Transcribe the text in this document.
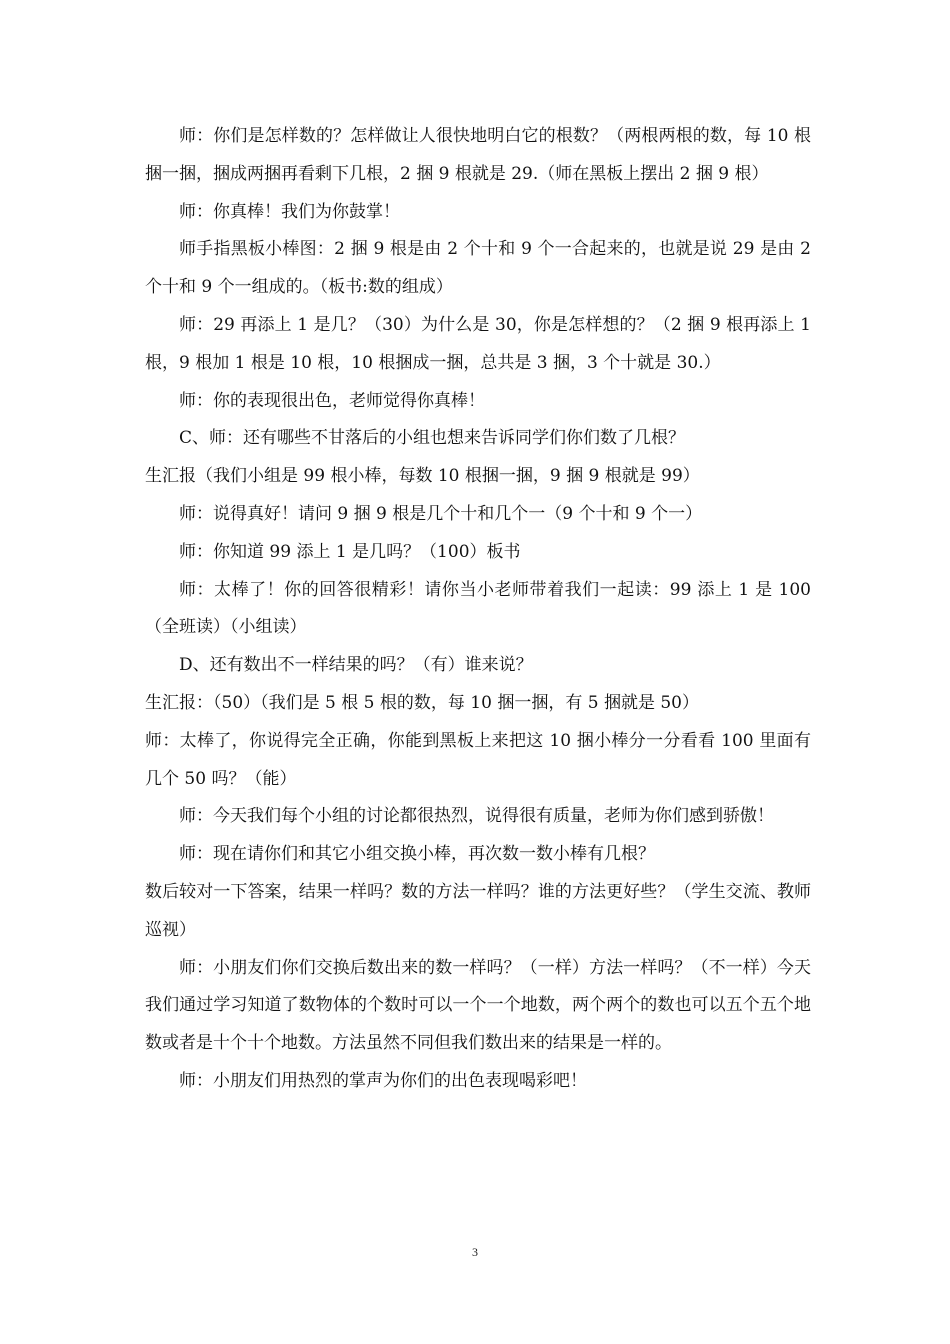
师：你们是怎样数的？怎样做让人很快地明白它的根数？（两根两根的数，每 10 根捆一捆，捆成两捆再看剩下几根，2 捆 9 根就是 29.（师在黑板上摆出 2 捆 9 根）

师：你真棒！我们为你鼓掌！

师手指黑板小棒图：2 捆 9 根是由 2 个十和 9 个一合起来的，也就是说 29 是由 2 个十和 9 个一组成的。（板书:数的组成）

师：29 再添上 1 是几？（30）为什么是 30，你是怎样想的？（2 捆 9 根再添上 1 根，9 根加 1 根是 10 根，10 根捆成一捆，总共是 3 捆，3 个十就是 30.）

师：你的表现很出色，老师觉得你真棒！

C、师：还有哪些不甘落后的小组也想来告诉同学们你们数了几根？

生汇报（我们小组是 99 根小棒，每数 10 根捆一捆，9 捆 9 根就是 99）

师：说得真好！请问 9 捆 9 根是几个十和几个一（9 个十和 9 个一）

师：你知道 99 添上 1 是几吗？（100）板书

师：太棒了！你的回答很精彩！请你当小老师带着我们一起读：99 添上 1 是 100（全班读）（小组读）

D、还有数出不一样结果的吗？（有）谁来说？

生汇报：（50）（我们是 5 根 5 根的数，每 10 捆一捆，有 5 捆就是 50）

师：太棒了，你说得完全正确，你能到黑板上来把这 10 捆小棒分一分看看 100 里面有几个 50 吗？（能）

师：今天我们每个小组的讨论都很热烈，说得很有质量，老师为你们感到骄傲！

师：现在请你们和其它小组交换小棒，再次数一数小棒有几根？

数后较对一下答案，结果一样吗？数的方法一样吗？谁的方法更好些？（学生交流、教师巡视）

师：小朋友们你们交换后数出来的数一样吗？（一样）方法一样吗？（不一样）今天我们通过学习知道了数物体的个数时可以一个一个地数，两个两个的数也可以五个五个地数或者是十个十个地数。方法虽然不同但我们数出来的结果是一样的。

师：小朋友们用热烈的掌声为你们的出色表现喝彩吧！

3
